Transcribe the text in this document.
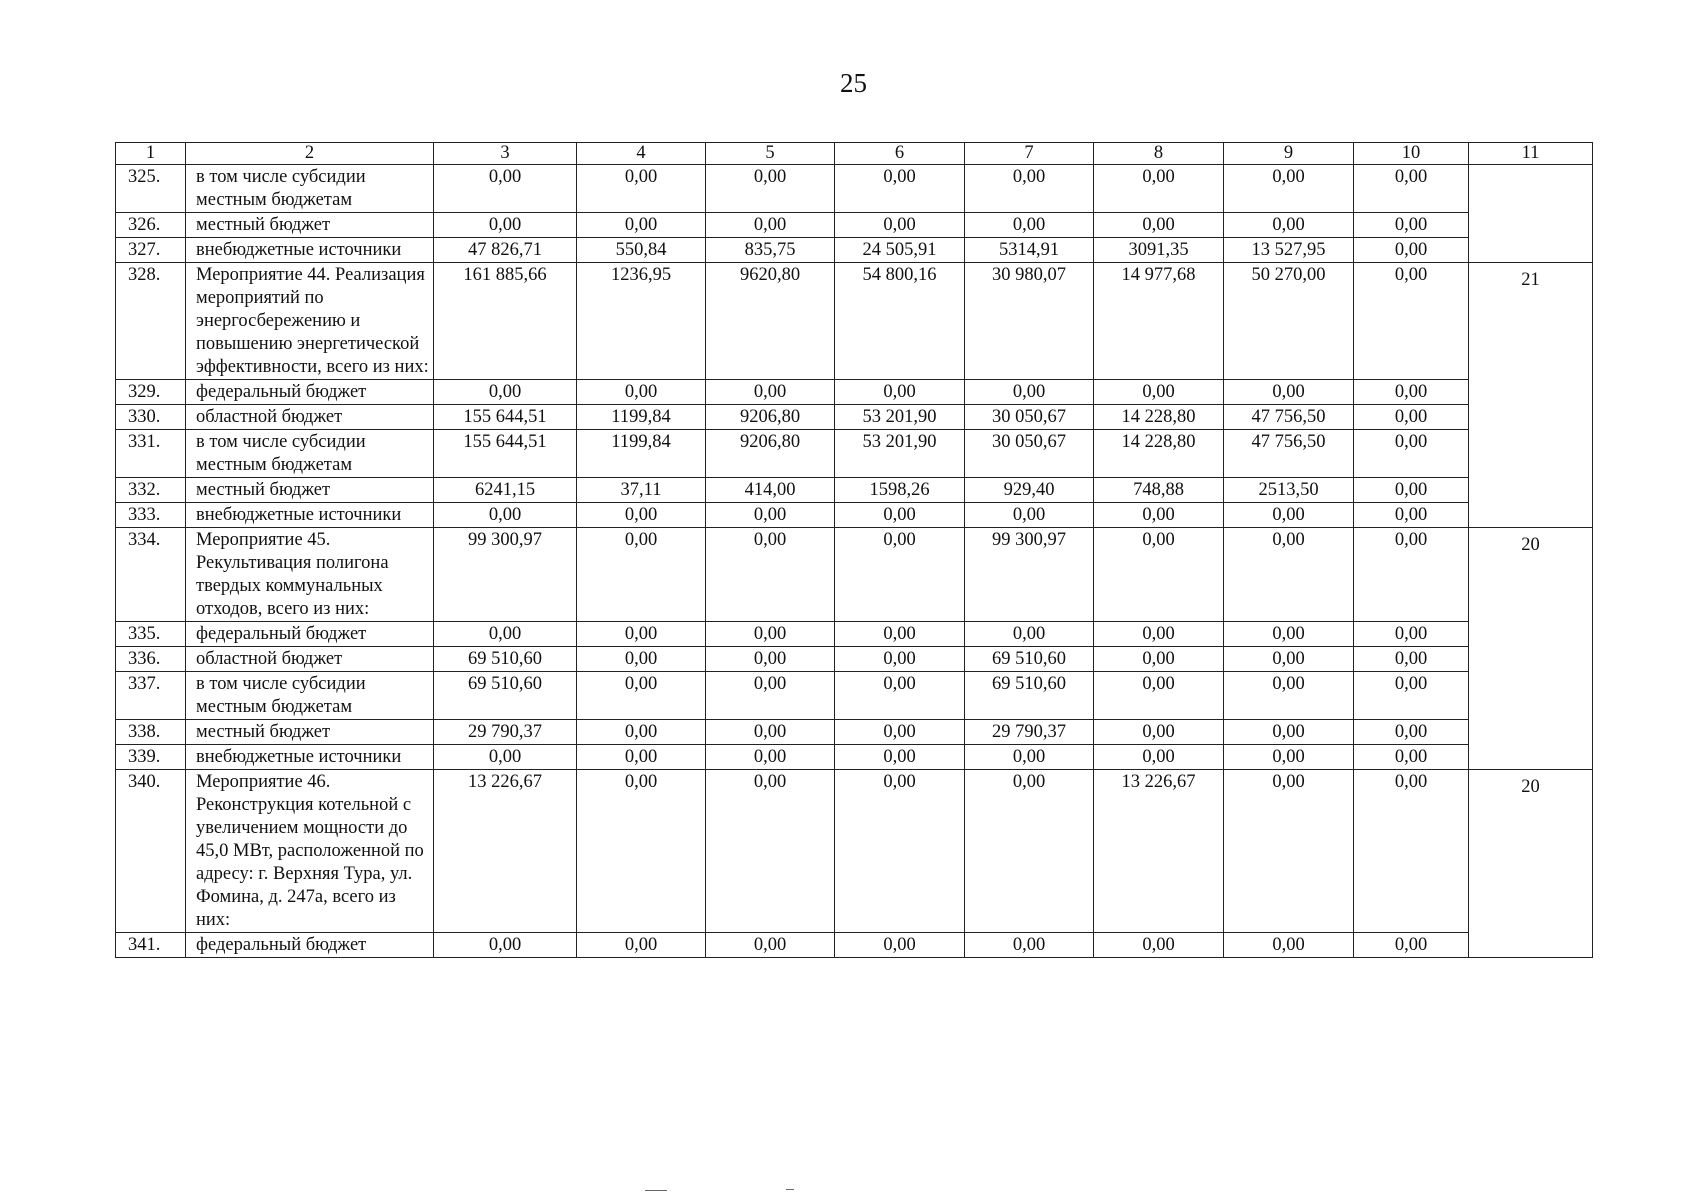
25
1	2	3	4	5	6	7	8	9	10	11
325.	в том числе субсидии местным бюджетам	0,00	0,00	0,00	0,00	0,00	0,00	0,00	0,00	
326.	местный бюджет	0,00	0,00	0,00	0,00	0,00	0,00	0,00	0,00	
327.	внебюджетные источники	47 826,71	550,84	835,75	24 505,91	5314,91	3091,35	13 527,95	0,00	
328.	Мероприятие 44. Реализация мероприятий по энергосбережению и повышению энергетической эффективности, всего из них:	161 885,66	1236,95	9620,80	54 800,16	30 980,07	14 977,68	50 270,00	0,00	21
329.	федеральный бюджет	0,00	0,00	0,00	0,00	0,00	0,00	0,00	0,00	
330.	областной бюджет	155 644,51	1199,84	9206,80	53 201,90	30 050,67	14 228,80	47 756,50	0,00	
331.	в том числе субсидии местным бюджетам	155 644,51	1199,84	9206,80	53 201,90	30 050,67	14 228,80	47 756,50	0,00	
332.	местный бюджет	6241,15	37,11	414,00	1598,26	929,40	748,88	2513,50	0,00	
333.	внебюджетные источники	0,00	0,00	0,00	0,00	0,00	0,00	0,00	0,00	
334.	Мероприятие 45. Рекультивация полигона твердых коммунальных отходов, всего из них:	99 300,97	0,00	0,00	0,00	99 300,97	0,00	0,00	0,00	20
335.	федеральный бюджет	0,00	0,00	0,00	0,00	0,00	0,00	0,00	0,00	
336.	областной бюджет	69 510,60	0,00	0,00	0,00	69 510,60	0,00	0,00	0,00	
337.	в том числе субсидии местным бюджетам	69 510,60	0,00	0,00	0,00	69 510,60	0,00	0,00	0,00	
338.	местный бюджет	29 790,37	0,00	0,00	0,00	29 790,37	0,00	0,00	0,00	
339.	внебюджетные источники	0,00	0,00	0,00	0,00	0,00	0,00	0,00	0,00	
340.	Мероприятие 46. Реконструкция котельной с увеличением мощности до 45,0 МВт, расположенной по адресу: г. Верхняя Тура, ул. Фомина, д. 247а, всего из них:	13 226,67	0,00	0,00	0,00	0,00	13 226,67	0,00	0,00	20
341.	федеральный бюджет	0,00	0,00	0,00	0,00	0,00	0,00	0,00	0,00	
